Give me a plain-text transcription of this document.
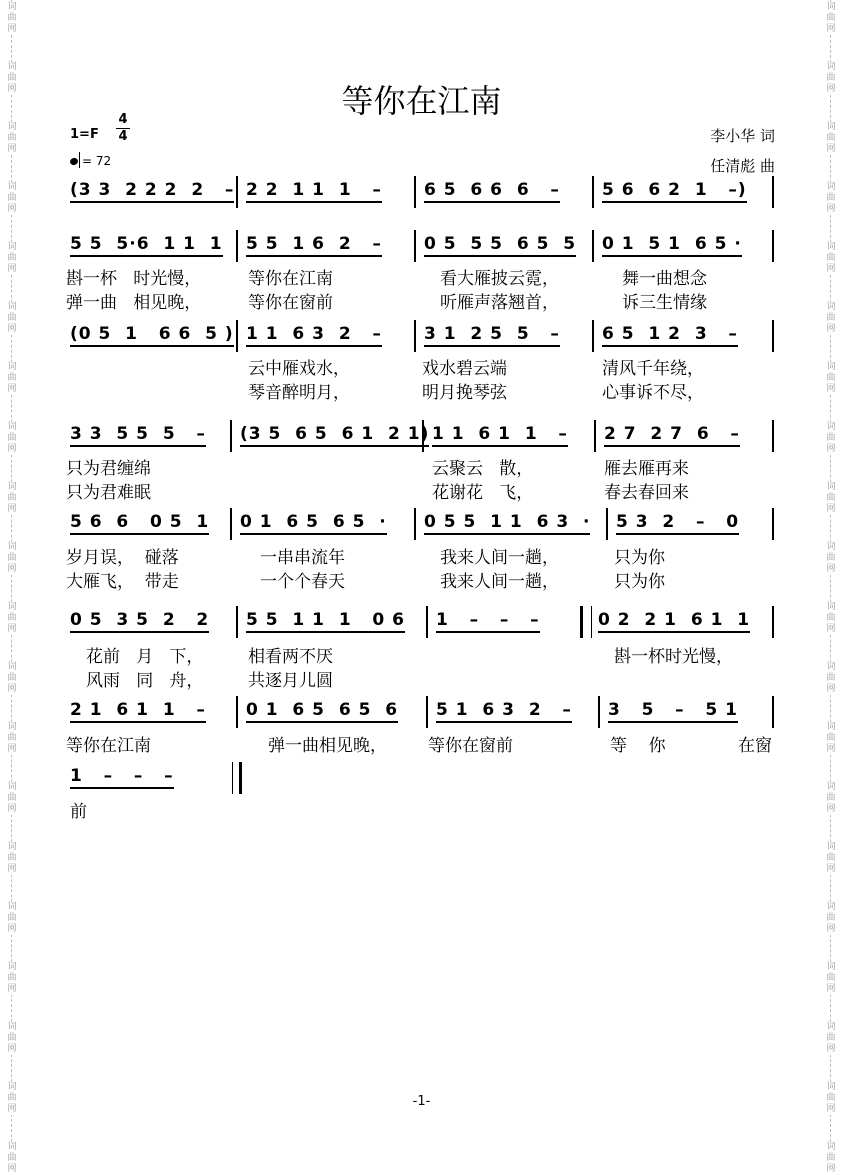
词
曲
网
词
曲
网
词
曲
网
词
曲
网
词
曲
网
词
曲
网
词
曲
网
词
曲
网
词
曲
网
词
曲
网
词
曲
网
词
曲
网
词
曲
网
词
曲
网
词
曲
网
词
曲
网
词
曲
网
词
曲
网
词
曲
网
词
曲
网
词
曲
网
词
曲
网
词
曲
网
词
曲
网
词
曲
网
词
曲
网
词
曲
网
词
曲
网
词
曲
网
词
曲
网
词
曲
网
词
曲
网
词
曲
网
词
曲
网
词
曲
网
词
曲
网
词
曲
网
词
曲
网
词
曲
网
词
曲
网
等你在江南
1=F
4
4
= 72
李小华 词
任清彪 曲
(3 3  2 2 2  2   – 2 2  1 1  1   – 6 5  6 6  6   – 5 6  6 2  1   –)
5 5  5·6  1 1  1 5 5  1 6  2   – 0 5  5 5  6 5  5 0 1  5 1  6 5 ·

斟一杯   时光慢，

	等你在江南

	看大雁披云霓，

	舞一曲想念

弹一曲   相见晚，

	等你在窗前

	听雁声落翘首，

	诉三生情缘

(0 5  1   6 6  5 ) 1 1  6 3  2   – 3 1  2 5  5   – 6 5  1 2  3   –

云中雁戏水，

	戏水碧云端

	清风千年绕，

琴音醉明月，

	明月挽琴弦

	心事诉不尽，

3 3  5 5  5   – (3 5  6 5  6 1  2 1) 1 1  6 1  1   – 2 7  2 7  6   –

只为君缠绵

	云聚云   散，

	雁去雁再来

只为君难眠

	花谢花   飞，

	春去春回来

5 6  6   0 5  1 0 1  6 5  6 5  · 0 5 5  1 1  6 3  · 5 3  2   –   0

岁月误，  碰落

	一串串流年

	我来人间一趟，

	只为你

大雁飞，  带走

	一个个春天

	我来人间一趟，

	只为你

0 5  3 5  2   2 5 5  1 1  1   0 6 1   –   –   –	0 2  2 1  6 1  1

花前   月   下，

	相看两不厌

	斟一杯时光慢，

风雨   同   舟，

	共逐月儿圆

2 1  6 1  1   – 0 1  6 5  6 5  6 5 1  6 3  2   – 3   5   –   5 1

等你在江南

	弹一曲相见晚，

等你在窗前

	等    你

	在窗

1   –   –   –

前

-1-
